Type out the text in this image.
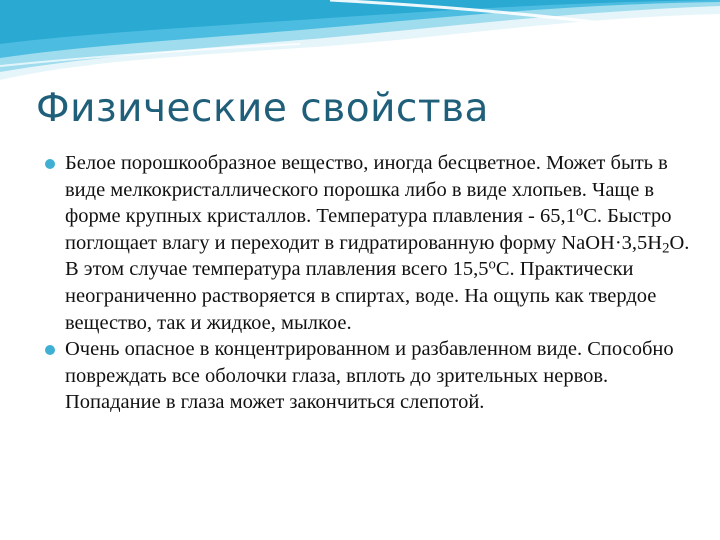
Физические свойства
Белое порошкообразное вещество, иногда бесцветное. Может быть в виде мелкокристаллического порошка либо в виде хлопьев. Чаще в форме крупных кристаллов. Температура плавления - $65,1^оС$. Быстро поглощает влагу и переходит в гидратированную форму $NaOH\cdot 3,5H_2O$. В этом случае температура плавления всего $15,5^оС$. Практически неограниченно растворяется в спиртах, воде. На ощупь как твердое вещество, так и жидкое, мылкое.
Очень опасное в концентрированном и разбавленном виде. Способно повреждать все оболочки глаза, вплоть до зрительных нервов. Попадание в глаза может закончиться слепотой.
